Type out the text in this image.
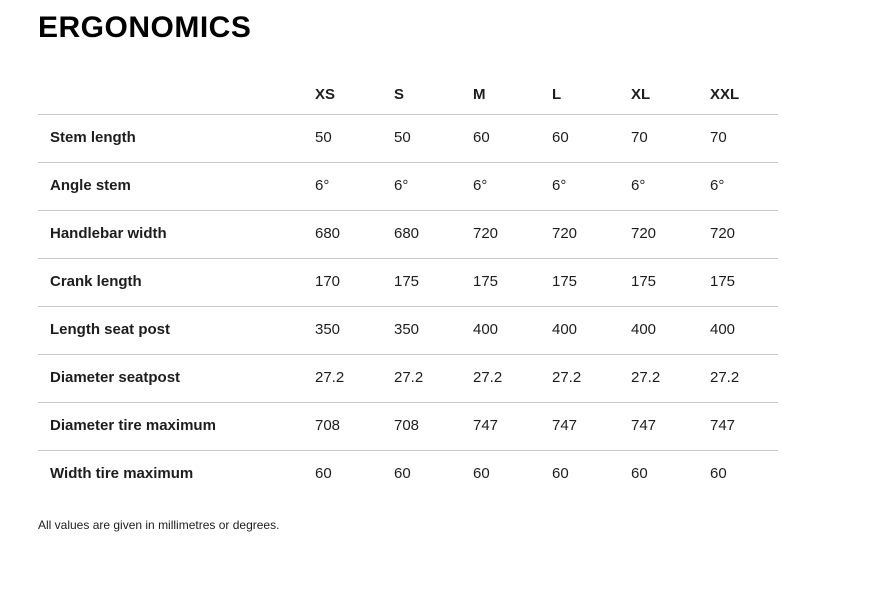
ERGONOMICS
	XS	S	M	L	XL	XXL
Stem length	50	50	60	60	70	70
Angle stem	6°	6°	6°	6°	6°	6°
Handlebar width	680	680	720	720	720	720
Crank length	170	175	175	175	175	175
Length seat post	350	350	400	400	400	400
Diameter seatpost	27.2	27.2	27.2	27.2	27.2	27.2
Diameter tire maximum	708	708	747	747	747	747
Width tire maximum	60	60	60	60	60	60

All values are given in millimetres or degrees.
